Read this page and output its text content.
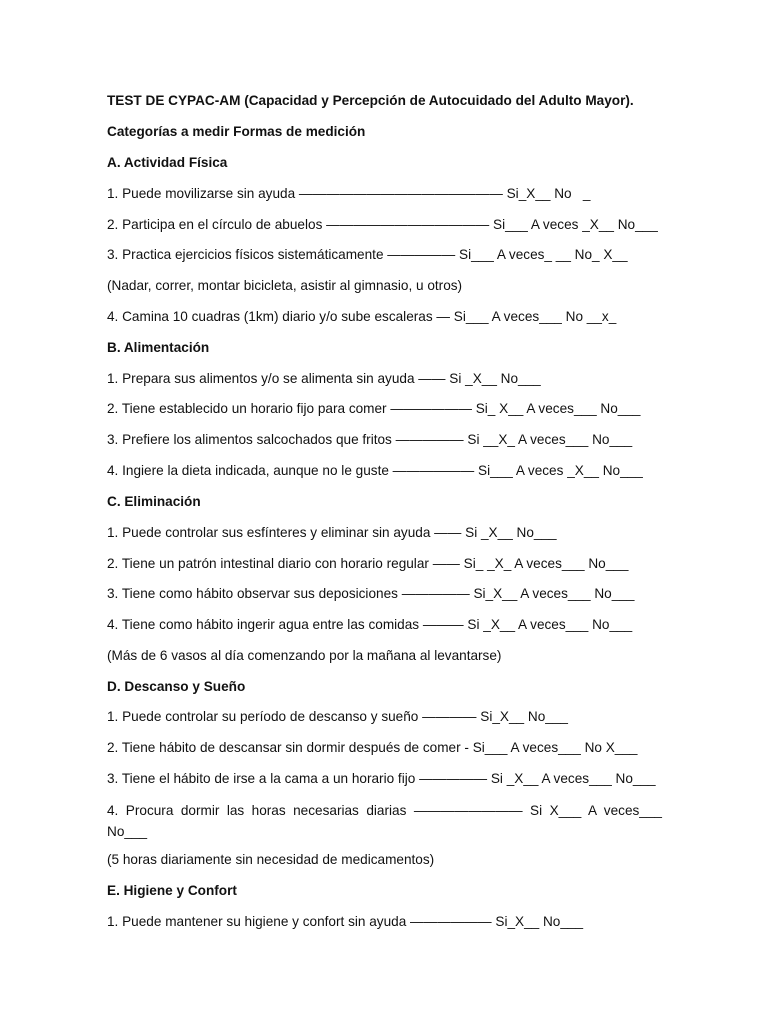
TEST DE CYPAC-AM (Capacidad y Percepción de Autocuidado del Adulto Mayor).
Categorías a medir Formas de medición
A. Actividad Física
1. Puede movilizarse sin ayuda ——————————————— Si_X__ No   _
2. Participa en el círculo de abuelos ———————————— Si___ A veces _X__ No___
3. Practica ejercicios físicos sistemáticamente ————— Si___ A veces_ __ No_ X__
(Nadar, correr, montar bicicleta, asistir al gimnasio, u otros)
4. Camina 10 cuadras (1km) diario y/o sube escaleras — Si___ A veces___ No __x_
B. Alimentación
1. Prepara sus alimentos y/o se alimenta sin ayuda —— Si _X__ No___
2. Tiene establecido un horario fijo para comer —————— Si_ X__ A veces___ No___
3. Prefiere los alimentos salcochados que fritos ————— Si __X_ A veces___ No___
4. Ingiere la dieta indicada, aunque no le guste —————— Si___ A veces _X__ No___
C. Eliminación
1. Puede controlar sus esfínteres y eliminar sin ayuda —— Si _X__ No___
2. Tiene un patrón intestinal diario con horario regular —— Si_ _X_ A veces___ No___
3. Tiene como hábito observar sus deposiciones ————— Si_X__ A veces___ No___
4. Tiene como hábito ingerir agua entre las comidas ——— Si _X__ A veces___ No___
(Más de 6 vasos al día comenzando por la mañana al levantarse)
D. Descanso y Sueño
1. Puede controlar su período de descanso y sueño ———— Si_X__ No___
2. Tiene hábito de descansar sin dormir después de comer - Si___ A veces___ No X___
3. Tiene el hábito de irse a la cama a un horario fijo ————— Si _X__ A veces___ No___
4. Procura dormir las horas necesarias diarias ———————— Si X___ A veces___ No___
(5 horas diariamente sin necesidad de medicamentos)
E. Higiene y Confort
1. Puede mantener su higiene y confort sin ayuda —————— Si_X__ No___
